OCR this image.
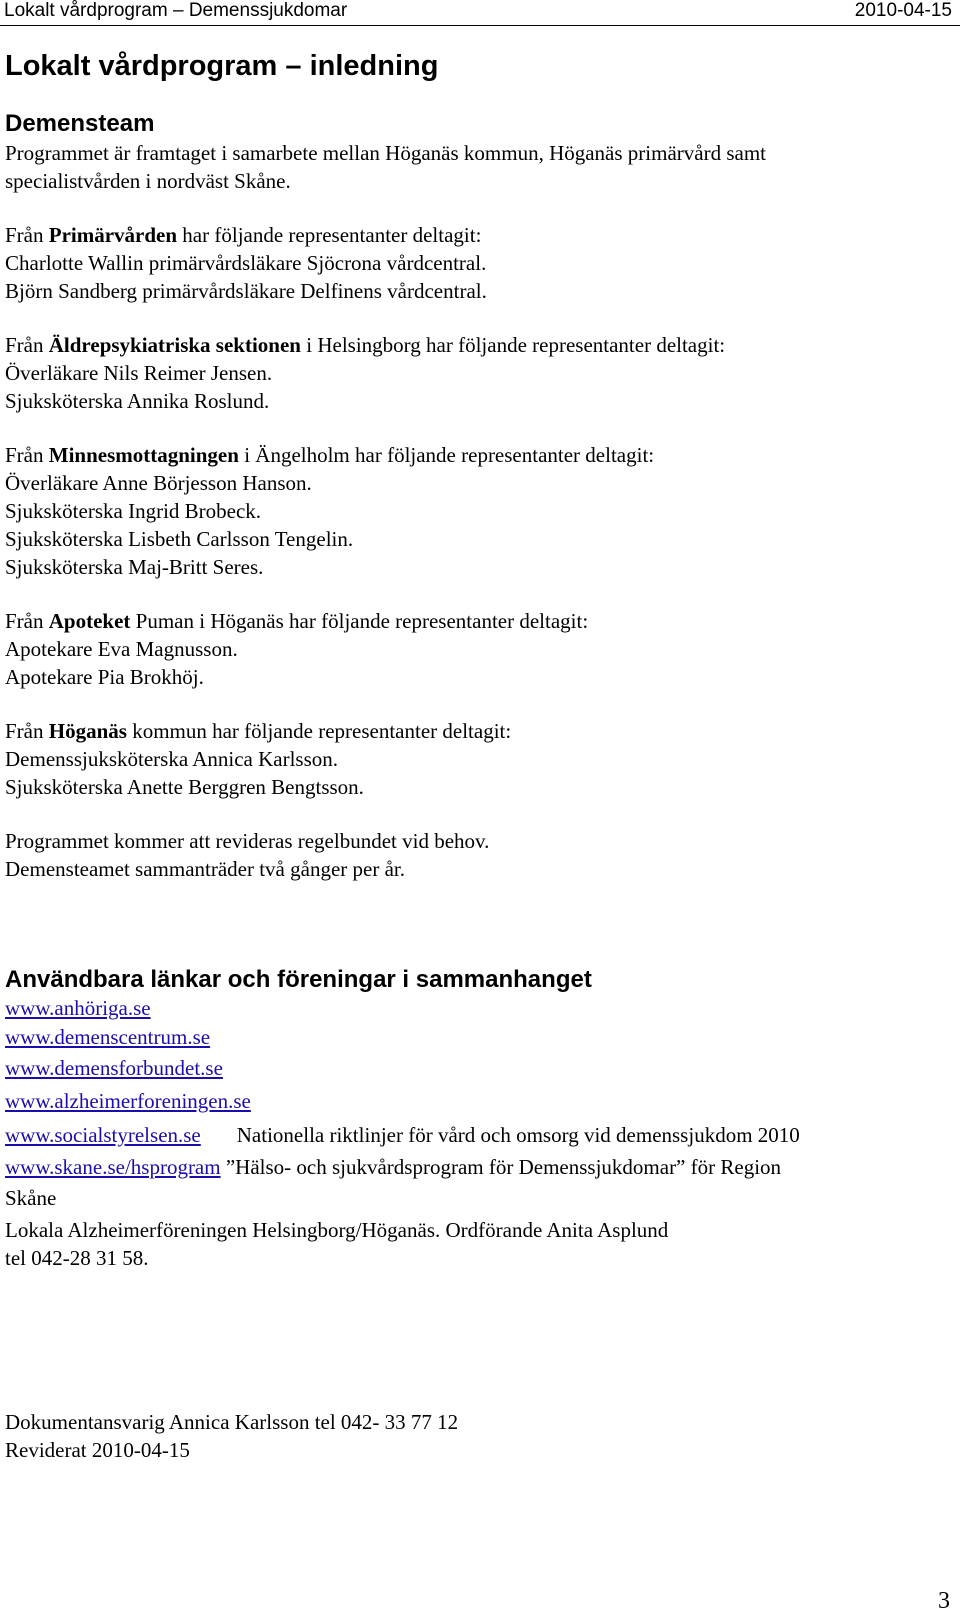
Lokalt vårdprogram – Demenssjukdomar	2010-04-15
Lokalt vårdprogram – inledning
Demensteam

Programmet är framtaget i samarbete mellan Höganäs kommun, Höganäs primärvård samt

specialistvården i nordväst Skåne.

Från Primärvården har följande representanter deltagit:

Charlotte Wallin primärvårdsläkare Sjöcrona vårdcentral.

Björn Sandberg primärvårdsläkare Delfinens vårdcentral.

Från Äldrepsykiatriska sektionen i Helsingborg har följande representanter deltagit:

Överläkare Nils Reimer Jensen.

Sjuksköterska Annika Roslund.

Från Minnesmottagningen i Ängelholm har följande representanter deltagit:

Överläkare Anne Börjesson Hanson.

Sjuksköterska Ingrid Brobeck.

Sjuksköterska Lisbeth Carlsson Tengelin.

Sjuksköterska Maj-Britt Seres.

Från Apoteket Puman i Höganäs har följande representanter deltagit:

Apotekare Eva Magnusson.

Apotekare Pia Brokhöj.

Från Höganäs kommun har följande representanter deltagit:

Demenssjuksköterska Annica Karlsson.

Sjuksköterska Anette Berggren Bengtsson.

Programmet kommer att revideras regelbundet vid behov.

Demensteamet sammanträder två gånger per år.

Användbara länkar och föreningar i sammanhanget

www.anhöriga.se

www.demenscentrum.se

www.demensforbundet.se

www.alzheimerforeningen.se

www.socialstyrelsen.se Nationella riktlinjer för vård och omsorg vid demenssjukdom 2010

www.skane.se/hsprogram ”Hälso- och sjukvårdsprogram för Demenssjukdomar” för Region

Skåne

Lokala Alzheimerföreningen Helsingborg/Höganäs. Ordförande Anita Asplund

tel 042-28 31 58.

Dokumentansvarig Annica Karlsson tel 042- 33 77 12

Reviderat 2010-04-15

3
